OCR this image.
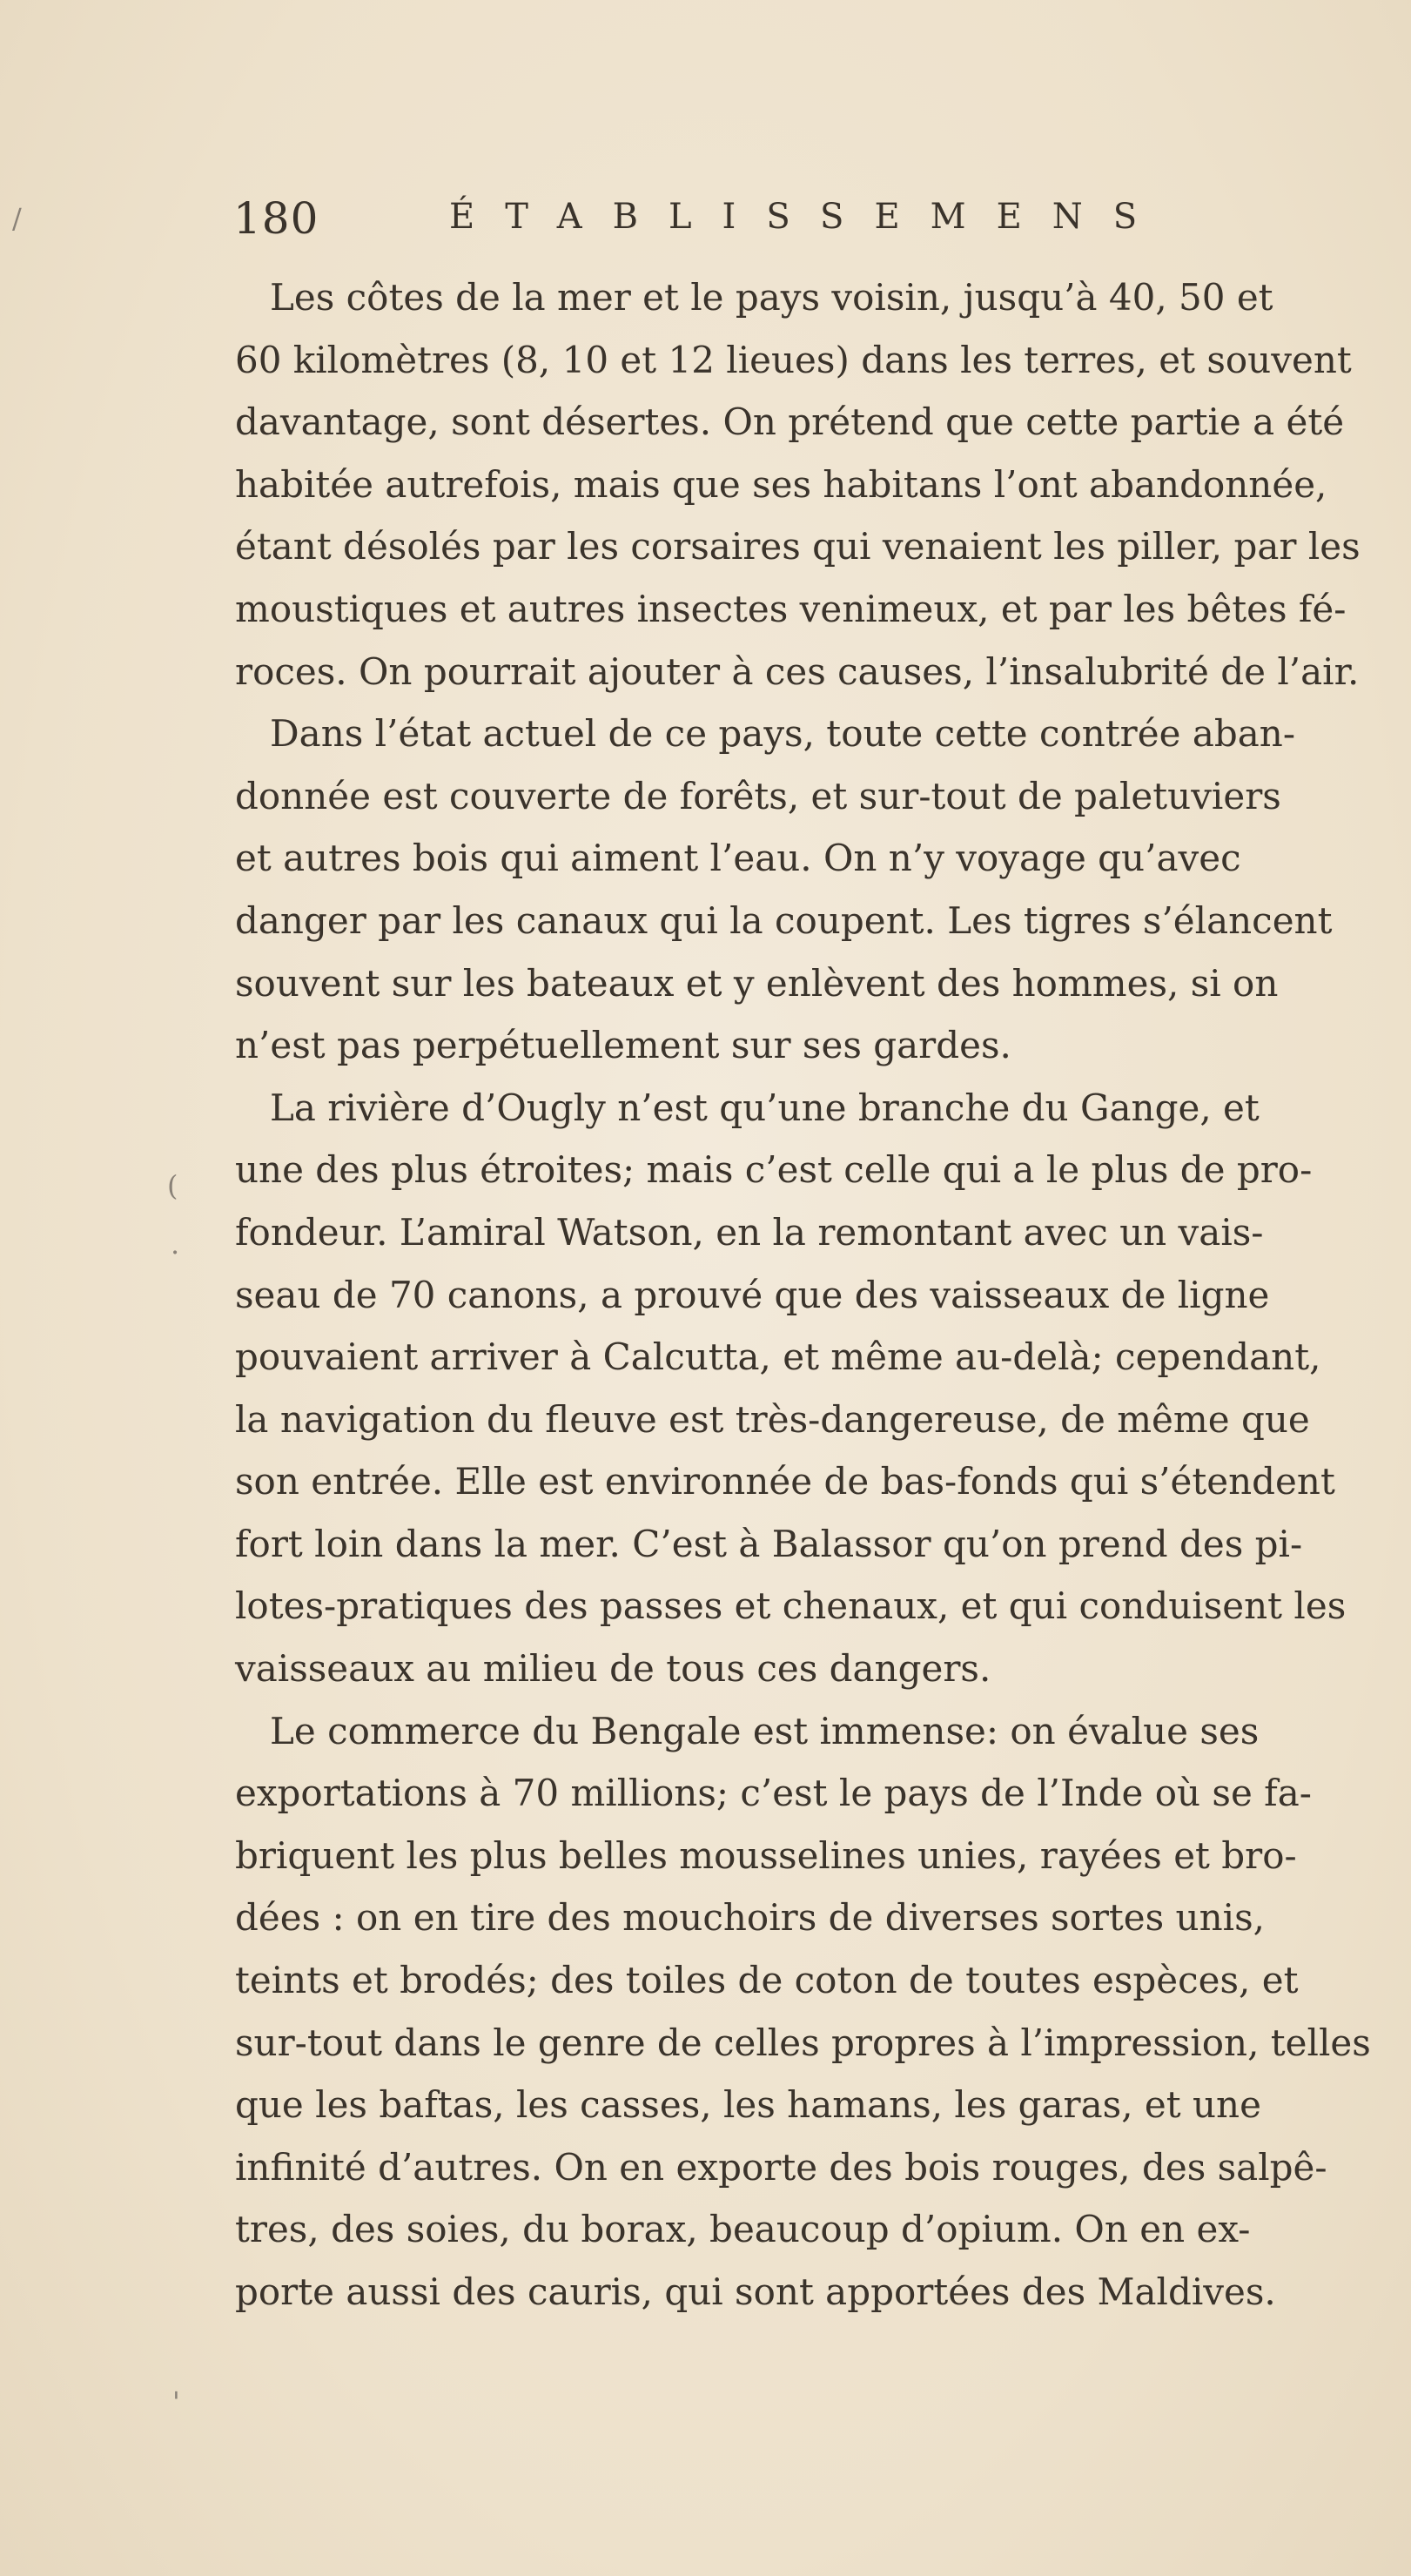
180	ÉTABLISSEMENS
Les côtes de la mer et le pays voisin, jusqu’à 40, 50 et
60 kilomètres (8, 10 et 12 lieues) dans les terres, et souvent
davantage, sont désertes. On prétend que cette partie a été
habitée autrefois, mais que ses habitans l’ont abandonnée,
étant désolés par les corsaires qui venaient les piller, par les
moustiques et autres insectes venimeux, et par les bêtes fé-
roces. On pourrait ajouter à ces causes, l’insalubrité de l’air.
Dans l’état actuel de ce pays, toute cette contrée aban-
donnée est couverte de forêts, et sur-tout de paletuviers
et autres bois qui aiment l’eau. On n’y voyage qu’avec
danger par les canaux qui la coupent. Les tigres s’élancent
souvent sur les bateaux et y enlèvent des hommes, si on
n’est pas perpétuellement sur ses gardes.
La rivière d’Ougly n’est qu’une branche du Gange, et
une des plus étroites; mais c’est celle qui a le plus de pro-
fondeur. L’amiral Watson, en la remontant avec un vais-
seau de 70 canons, a prouvé que des vaisseaux de ligne
pouvaient arriver à Calcutta, et même au-delà; cependant,
la navigation du fleuve est très-dangereuse, de même que
son entrée. Elle est environnée de bas-fonds qui s’étendent
fort loin dans la mer. C’est à Balassor qu’on prend des pi-
lotes-pratiques des passes et chenaux, et qui conduisent les
vaisseaux au milieu de tous ces dangers.
Le commerce du Bengale est immense: on évalue ses
exportations à 70 millions; c’est le pays de l’Inde où se fa-
briquent les plus belles mousselines unies, rayées et bro-
dées : on en tire des mouchoirs de diverses sortes unis,
teints et brodés; des toiles de coton de toutes espèces, et
sur-tout dans le genre de celles propres à l’impression, telles
que les baftas, les casses, les hamans, les garas, et une
infinité d’autres. On en exporte des bois rouges, des salpê-
tres, des soies, du borax, beaucoup d’opium. On en ex-
porte aussi des cauris, qui sont apportées des Maldives.
/
(
.
'
